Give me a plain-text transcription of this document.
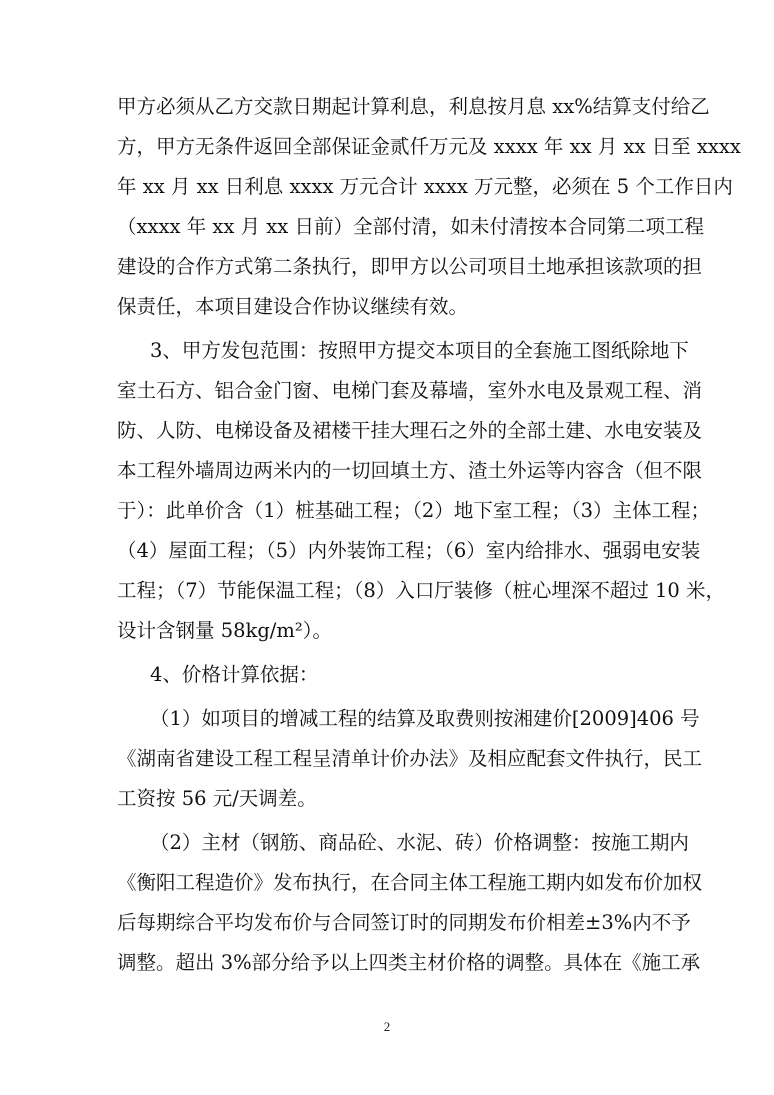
甲方必须从乙方交款日期起计算利息，利息按月息 xx%结算支付给乙
方，甲方无条件返回全部保证金贰仟万元及 xxxx 年 xx 月 xx 日至 xxxx
年 xx 月 xx 日利息 xxxx 万元合计 xxxx 万元整，必须在 5 个工作日内
（xxxx 年 xx 月 xx 日前）全部付清，如未付清按本合同第二项工程
建设的合作方式第二条执行，即甲方以公司项目土地承担该款项的担
保责任，本项目建设合作协议继续有效。
3、甲方发包范围：按照甲方提交本项目的全套施工图纸除地下
室土石方、铝合金门窗、电梯门套及幕墙，室外水电及景观工程、消
防、人防、电梯设备及裙楼干挂大理石之外的全部土建、水电安装及
本工程外墙周边两米内的一切回填土方、渣土外运等内容含（但不限
于）：此单价含（1）桩基础工程；（2）地下室工程；（3）主体工程；
（4）屋面工程；（5）内外装饰工程；（6）室内给排水、强弱电安装
工程；（7）节能保温工程；（8）入口厅装修（桩心埋深不超过 10 米，
设计含钢量 58kg/m²）。
4、价格计算依据：
（1）如项目的增减工程的结算及取费则按湘建价[2009]406 号
《湖南省建设工程工程呈清单计价办法》及相应配套文件执行，民工
工资按 56 元/天调差。
（2）主材（钢筋、商品砼、水泥、砖）价格调整：按施工期内
《衡阳工程造价》发布执行，在合同主体工程施工期内如发布价加权
后每期综合平均发布价与合同签订时的同期发布价相差±3%内不予
调整。超出 3%部分给予以上四类主材价格的调整。具体在《施工承
2
